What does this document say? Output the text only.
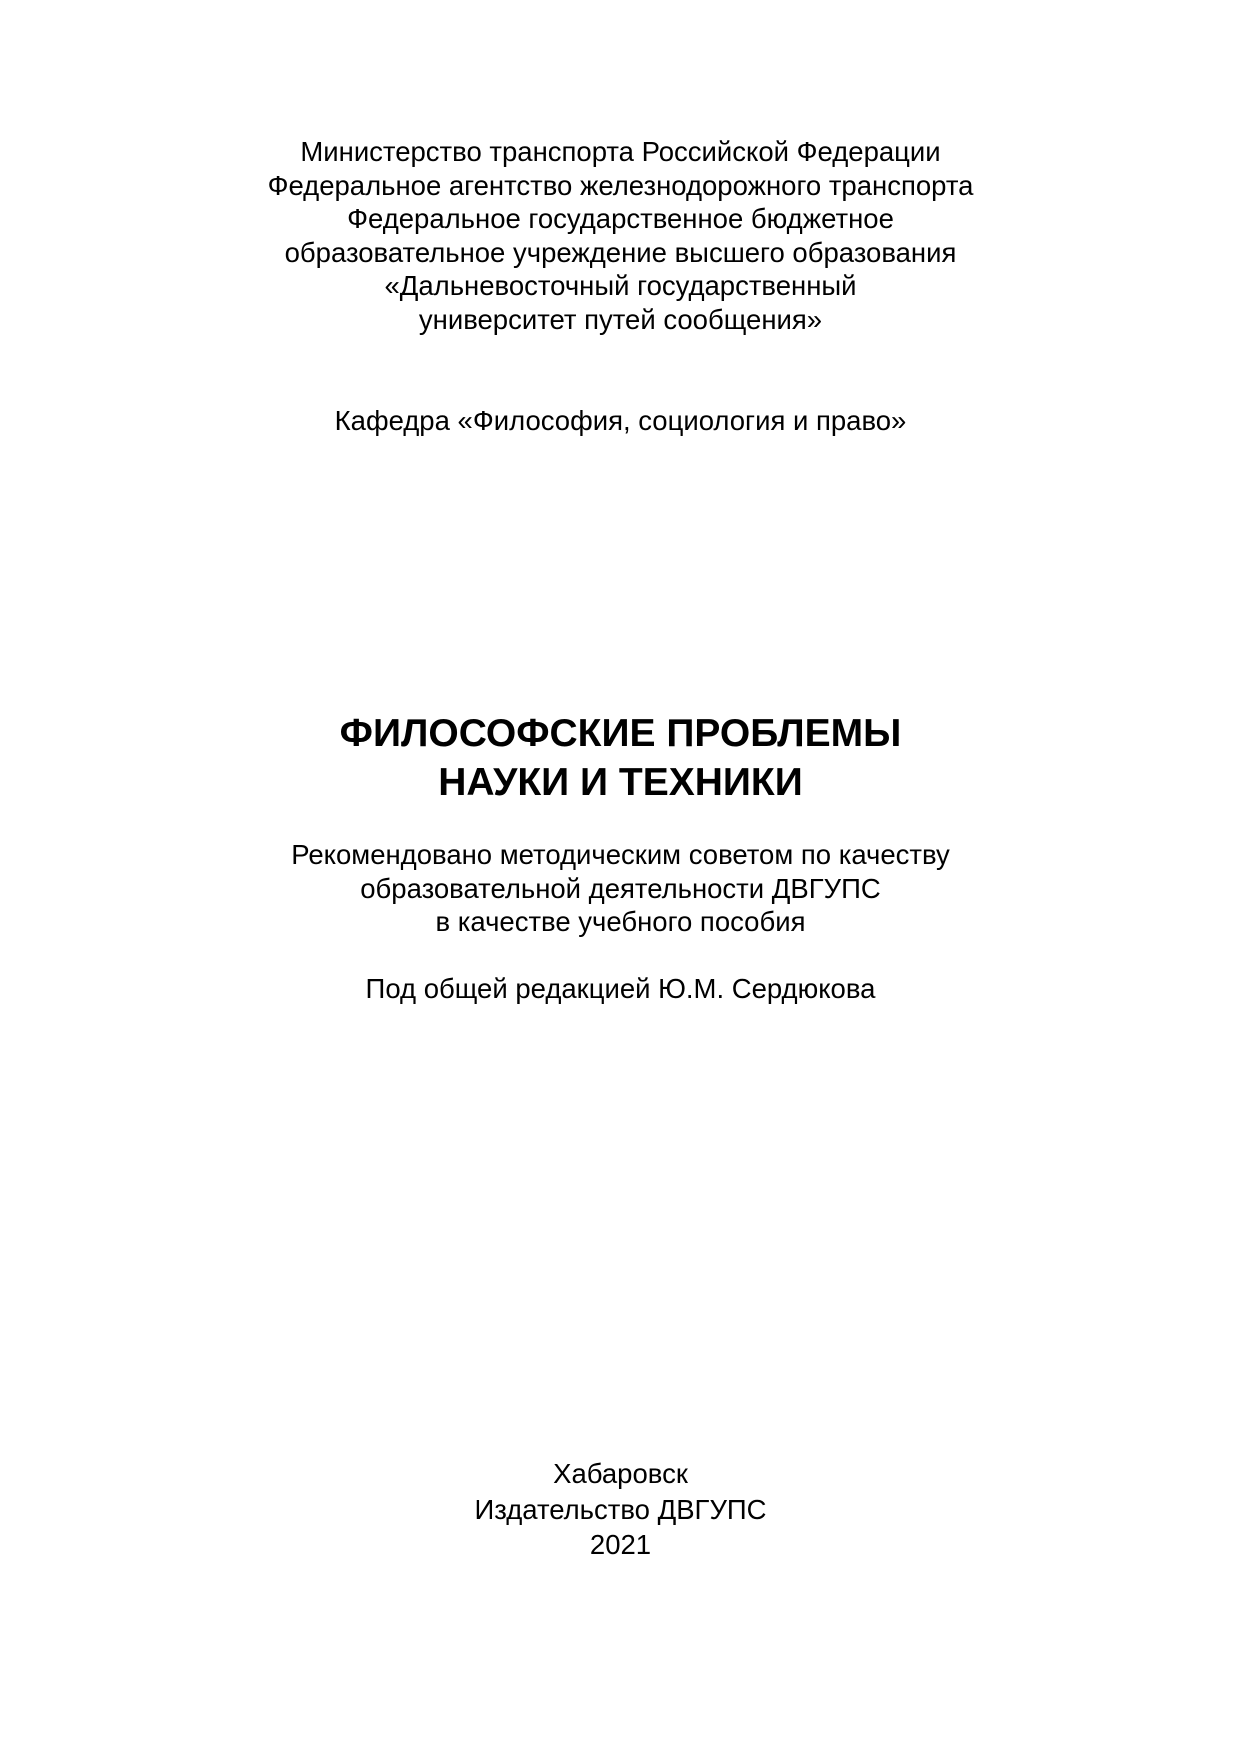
Министерство транспорта Российской Федерации
Федеральное агентство железнодорожного транспорта
Федеральное государственное бюджетное
образовательное учреждение высшего образования
«Дальневосточный государственный
университет путей сообщения»
Кафедра «Философия, социология и право»
ФИЛОСОФСКИЕ ПРОБЛЕМЫ
НАУКИ И ТЕХНИКИ
Рекомендовано методическим советом по качеству
образовательной деятельности ДВГУПС
в качестве учебного пособия
Под общей редакцией Ю.М. Сердюкова
Хабаровск
Издательство ДВГУПС
2021
